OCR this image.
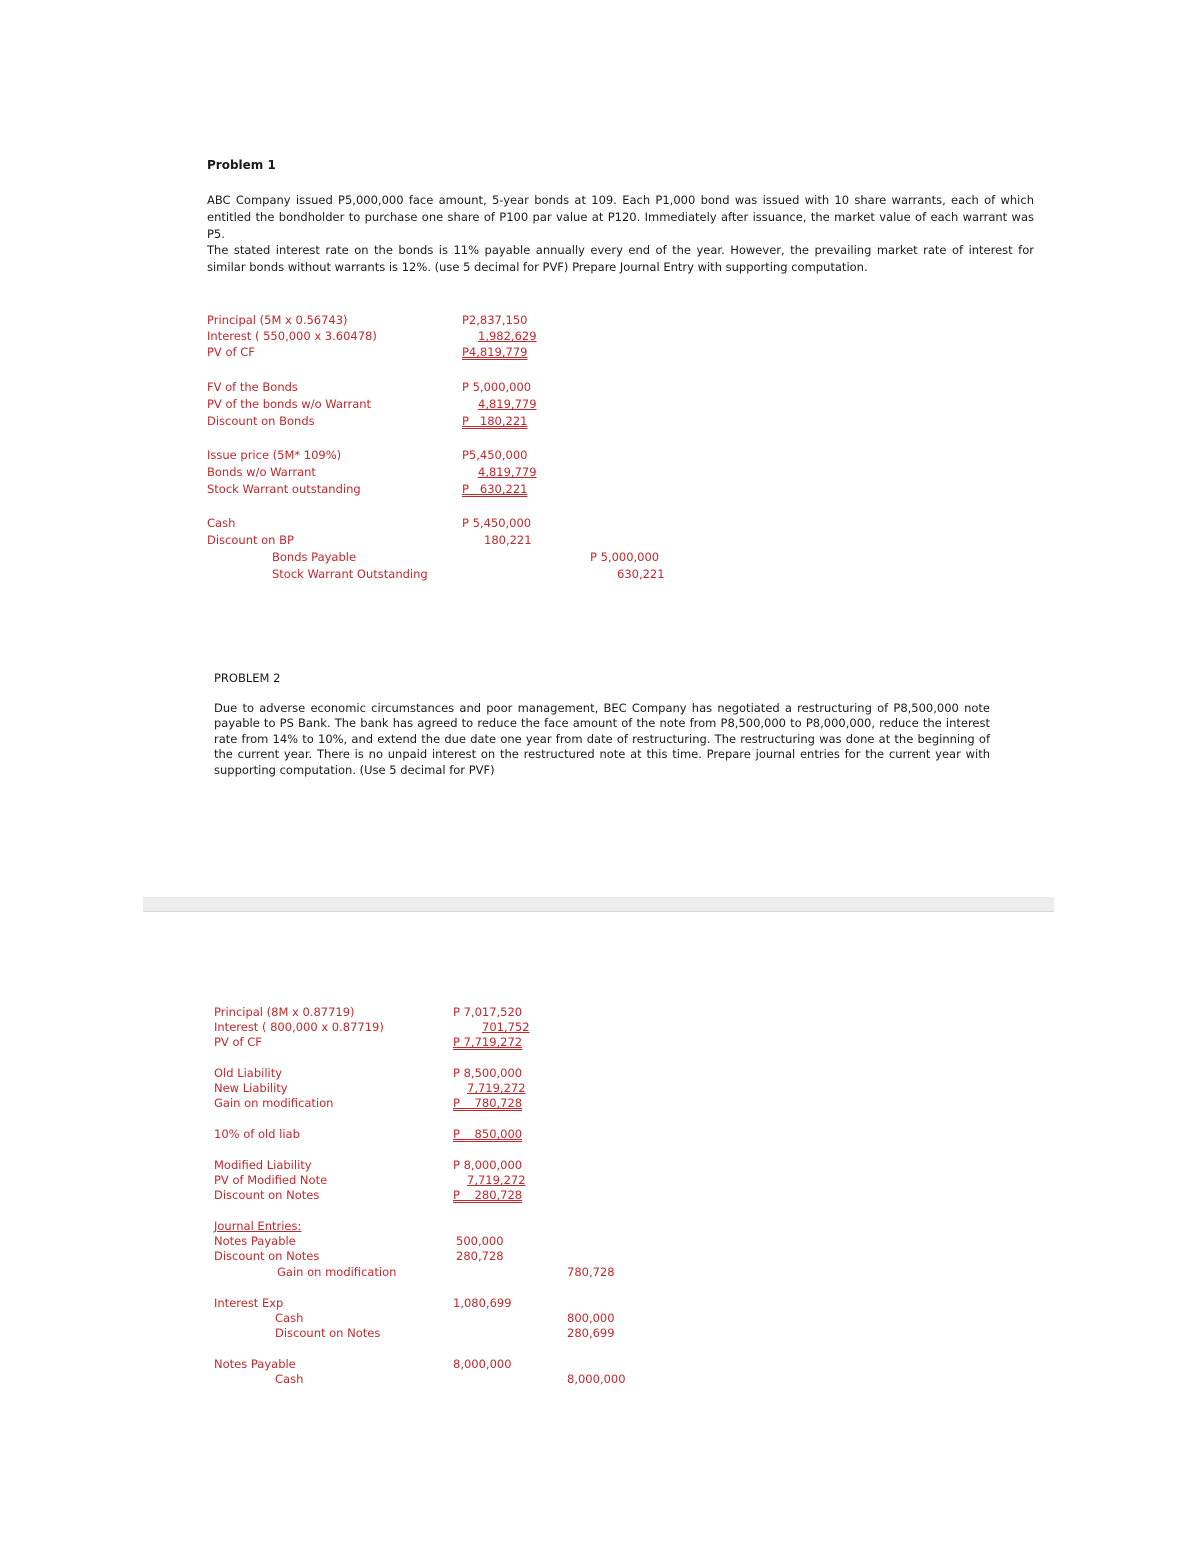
Problem 1

ABC Company issued P5,000,000 face amount, 5-year bonds at 109. Each P1,000 bond was issued with 10 share warrants, each of which entitled the bondholder to purchase one share of P100 par value at P120. Immediately after issuance, the market value of each warrant was P5.

The stated interest rate on the bonds is 11% payable annually every end of the year. However, the prevailing market rate of interest for similar bonds without warrants is 12%. (use 5 decimal for PVF) Prepare Journal Entry with supporting computation.

Principal (5M x 0.56743)	P2,837,150
Interest ( 550,000 x 3.60478)	1,982,629
PV of CF	P4,819,779
FV of the Bonds	P 5,000,000
PV of the bonds w/o Warrant	4,819,779
Discount on Bonds	P   180,221
Issue price (5M* 109%)	P5,450,000
Bonds w/o Warrant	4,819,779
Stock Warrant outstanding	P   630,221
Cash	P 5,450,000
Discount on BP	180,221
Bonds Payable	P 5,000,000
Stock Warrant Outstanding	630,221
PROBLEM 2

Due to adverse economic circumstances and poor management, BEC Company has negotiated a restructuring of P8,500,000 note payable to PS Bank. The bank has agreed to reduce the face amount of the note from P8,500,000 to P8,000,000, reduce the interest rate from 14% to 10%, and extend the due date one year from date of restructuring. The restructuring was done at the beginning of the current year. There is no unpaid interest on the restructured note at this time. Prepare journal entries for the current year with supporting computation. (Use 5 decimal for PVF)

Principal (8M x 0.87719)	P 7,017,520
Interest ( 800,000 x 0.87719)	701,752
PV of CF	P 7,719,272
Old Liability	P 8,500,000
New Liability	7,719,272
Gain on modification	P    780,728
10% of old liab	P    850,000
Modified Liability	P 8,000,000
PV of Modified Note	7,719,272
Discount on Notes	P    280,728
Journal Entries:
Notes Payable	500,000
Discount on Notes	280,728
Gain on modification	780,728
Interest Exp	1,080,699
Cash	800,000
Discount on Notes	280,699
Notes Payable	8,000,000
Cash	8,000,000
